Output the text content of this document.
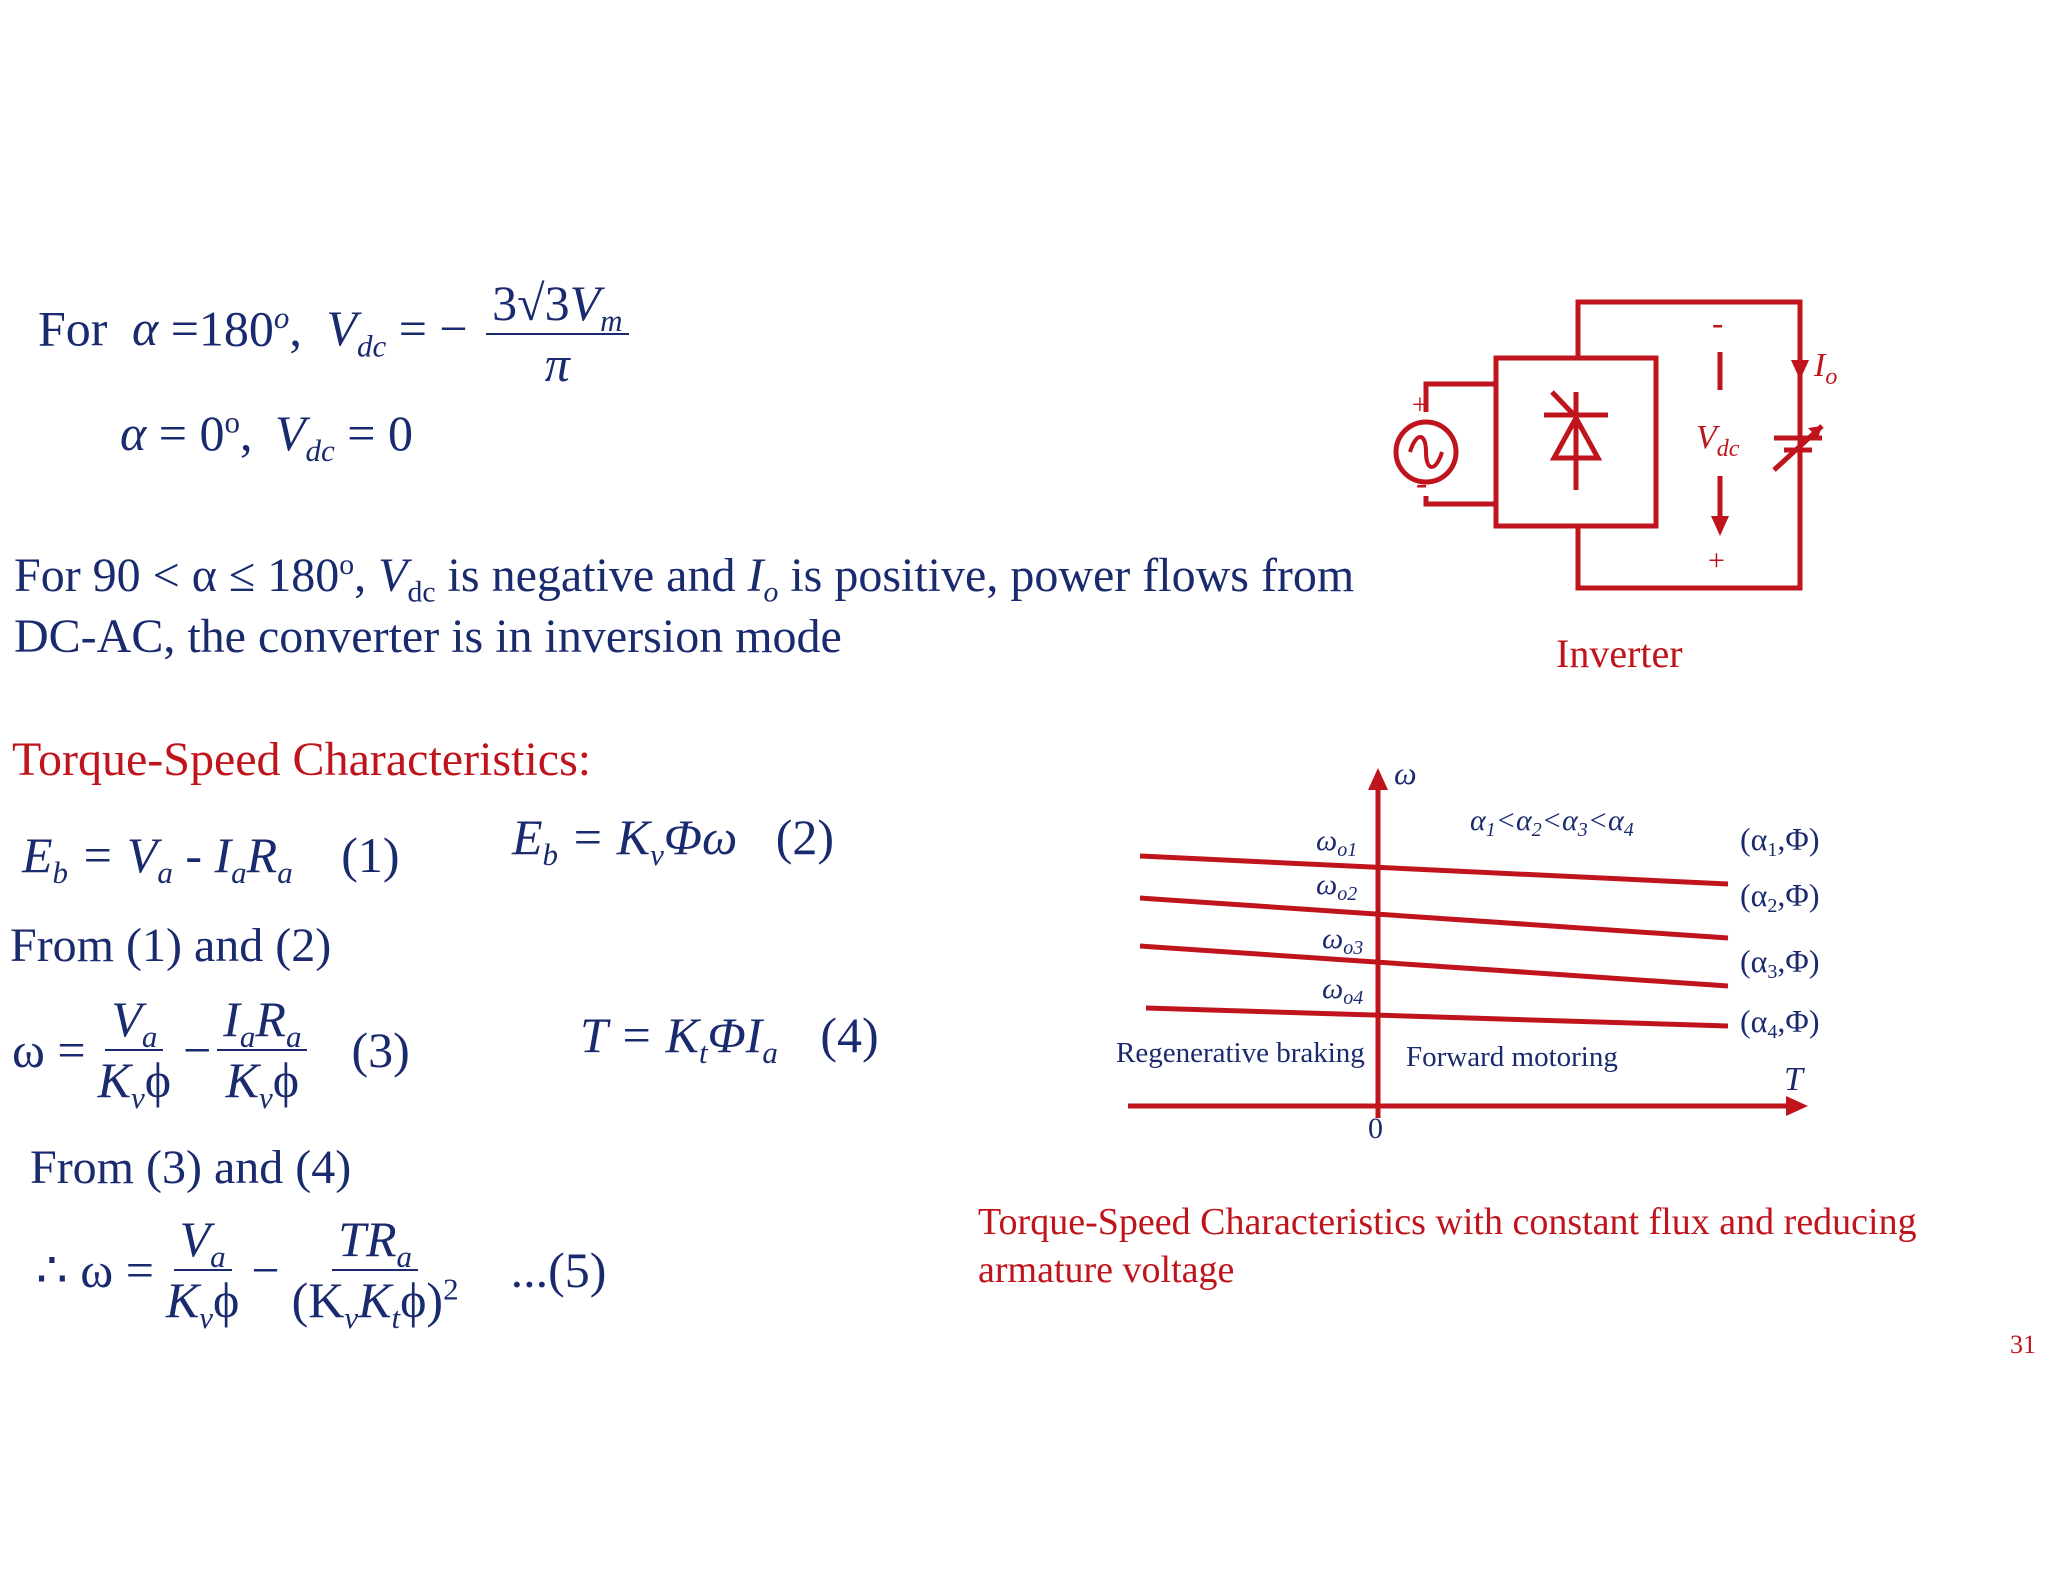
For $\alpha =180^o$, $V_{dc}$ = − $\frac{3√3V_m}{\pi}$
$\alpha = 0^o$, $V_{dc} = 0$
For $90 < \alpha \le 180^o$, $V_{dc}$ is negative and $I_o$ is positive, power flows from
DC-AC, the converter is in inversion mode
Torque-Speed Characteristics:
$E_b = V_a - I_aR_a$ (1) $E_b = K_v\Phi\omega$ (2)
From (1) and (2)
$\omega = \frac{V_a}{K_v\phi} - \frac{I_aR_a}{K_v\phi} (3)$	$T = K_t\Phi I_a$ (4)
From (3) and (4)
∴ $\omega = \frac{V_a}{K_v\phi} - \frac{TR_a}{(K_vK_t\phi)^2} ...(5)$
+
-
-
+
$V_{dc}$
$I_o$
Inverter
ω
T
0
$\alpha_1<\alpha_2<\alpha_3<\alpha_4$
$\omega_{o1}$
$\omega_{o2}$
$\omega_{o3}$
$\omega_{o4}$
(α1,Φ)
(α2,Φ)
(α3,Φ)
(α4,Φ)
Regenerative braking Forward motoring
Torque-Speed Characteristics with constant flux and reducing
armature voltage
31
